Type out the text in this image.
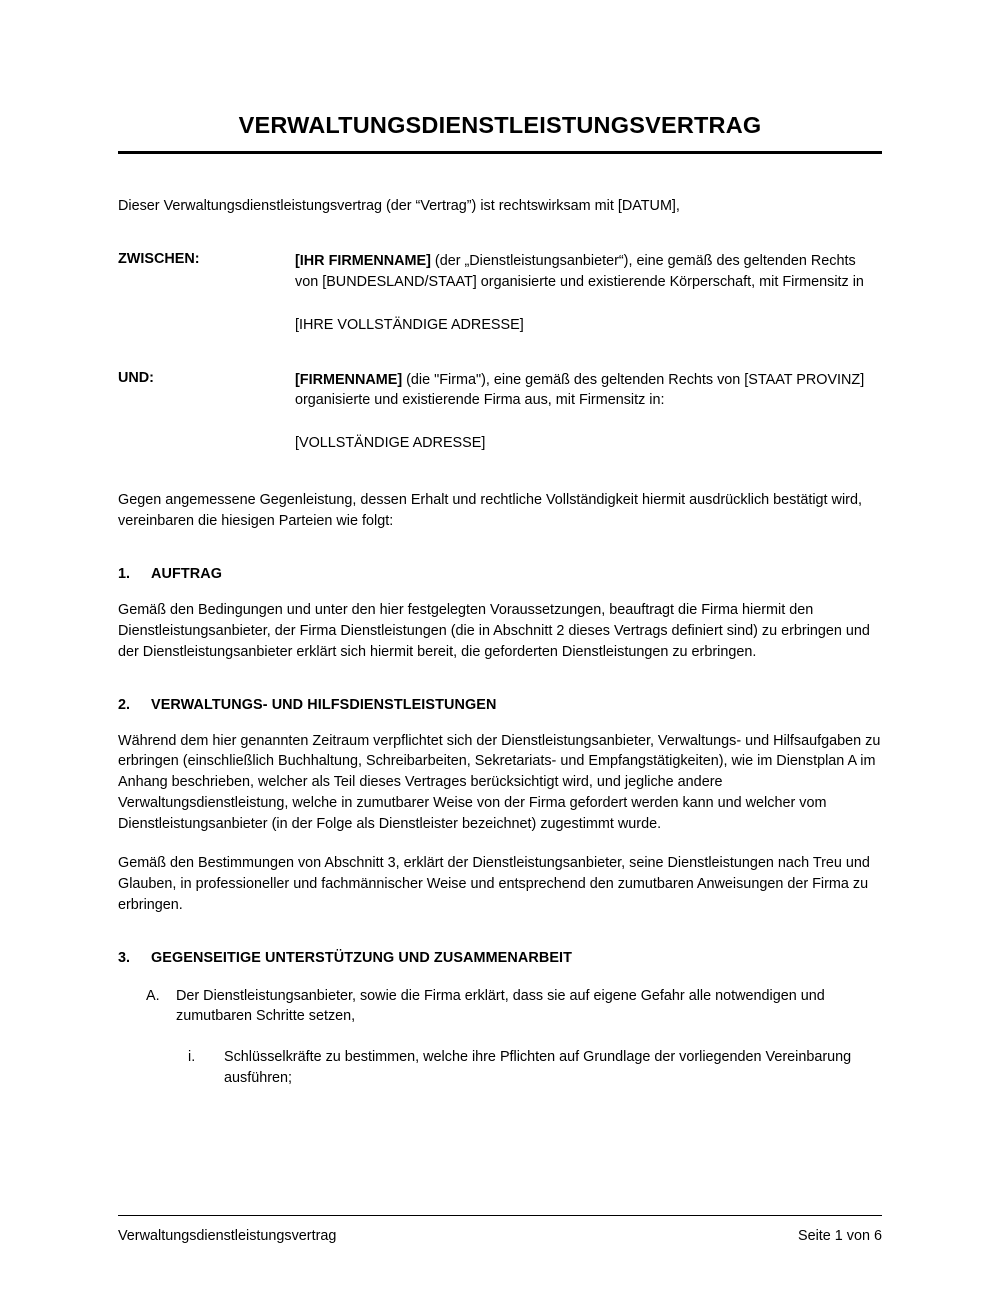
VERWALTUNGSDIENSTLEISTUNGSVERTRAG

Dieser Verwaltungsdienstleistungsvertrag (der “Vertrag”) ist rechtswirksam mit [DATUM],

ZWISCHEN:	[IHR FIRMENNAME] (der „Dienstleistungsanbieter“), eine gemäß des geltenden Rechts von [BUNDESLAND/STAAT] organisierte und existierende Körperschaft, mit Firmensitz in
[IHRE VOLLSTÄNDIGE ADRESSE]
UND:	[FIRMENNAME] (die "Firma"), eine gemäß des geltenden Rechts von [STAAT PROVINZ] organisierte und existierende Firma aus, mit Firmensitz in:
[VOLLSTÄNDIGE ADRESSE]

Gegen angemessene Gegenleistung, dessen Erhalt und rechtliche Vollständigkeit hiermit ausdrücklich bestätigt wird, vereinbaren die hiesigen Parteien wie folgt:

1.	AUFTRAG

Gemäß den Bedingungen und unter den hier festgelegten Voraussetzungen, beauftragt die Firma hiermit den Dienstleistungsanbieter, der Firma Dienstleistungen (die in Abschnitt 2 dieses Vertrags definiert sind) zu erbringen und der Dienstleistungsanbieter erklärt sich hiermit bereit, die geforderten Dienstleistungen zu erbringen.

2.	VERWALTUNGS- UND HILFSDIENSTLEISTUNGEN

Während dem hier genannten Zeitraum verpflichtet sich der Dienstleistungsanbieter, Verwaltungs- und Hilfsaufgaben zu erbringen (einschließlich Buchhaltung, Schreibarbeiten, Sekretariats- und Empfangstätigkeiten), wie im Dienstplan A im Anhang beschrieben, welcher als Teil dieses Vertrages berücksichtigt wird, und jegliche andere Verwaltungsdienstleistung, welche in zumutbarer Weise von der Firma gefordert werden kann und welcher vom Dienstleistungsanbieter (in der Folge als Dienstleister bezeichnet) zugestimmt wurde.

Gemäß den Bestimmungen von Abschnitt 3, erklärt der Dienstleistungsanbieter, seine Dienstleistungen nach Treu und Glauben, in professioneller und fachmännischer Weise und entsprechend den zumutbaren Anweisungen der Firma zu erbringen.

3.	GEGENSEITIGE UNTERSTÜTZUNG UND ZUSAMMENARBEIT
A.	Der Dienstleistungsanbieter, sowie die Firma erklärt, dass sie auf eigene Gefahr alle notwendigen und zumutbaren Schritte setzen,
i.	Schlüsselkräfte zu bestimmen, welche ihre Pflichten auf Grundlage der vorliegenden Vereinbarung ausführen;
Verwaltungsdienstleistungsvertrag	Seite 1 von 6
